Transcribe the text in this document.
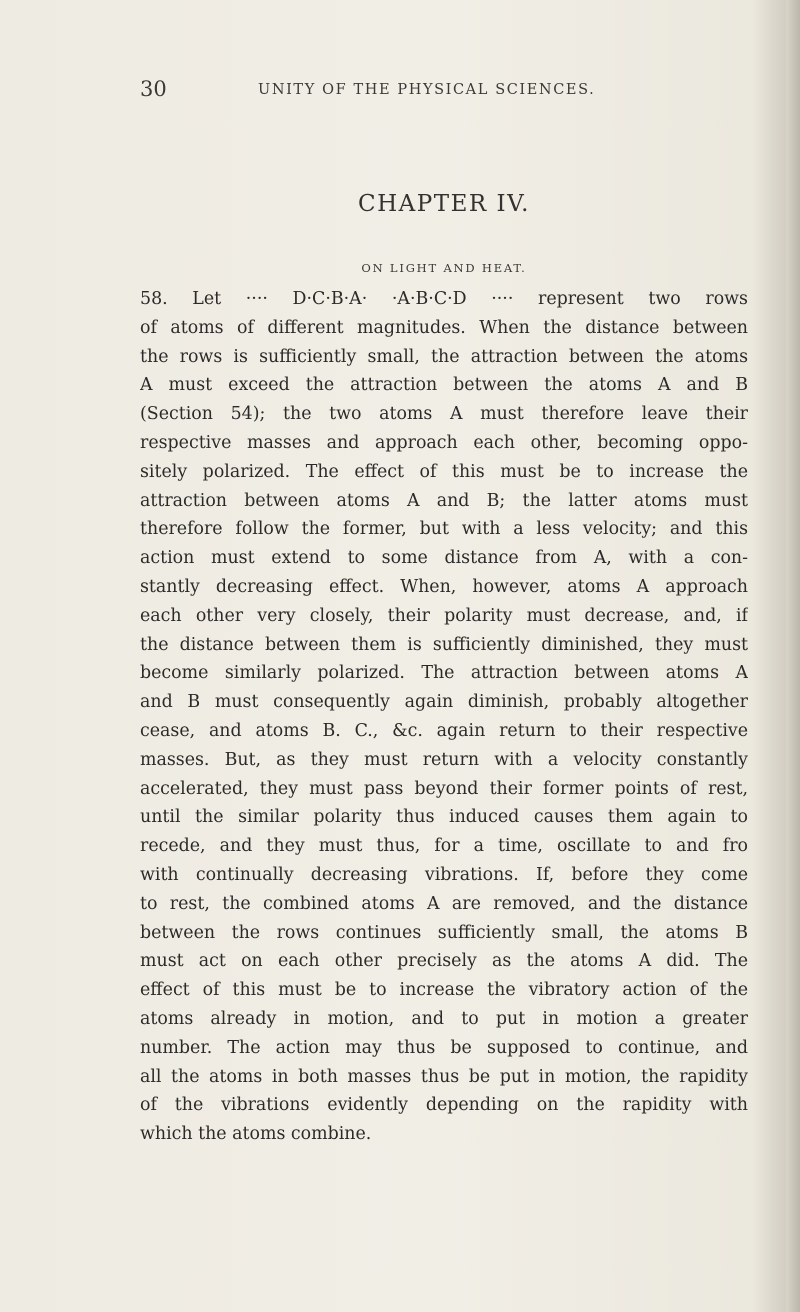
30	UNITY OF THE PHYSICAL SCIENCES.
CHAPTER IV.
ON LIGHT AND HEAT.
58. Let ···· D·C·B·A· ·A·B·C·D ···· represent two rows
of atoms of different magnitudes. When the distance between
the rows is sufficiently small, the attraction between the atoms
A must exceed the attraction between the atoms A and B
(Section 54); the two atoms A must therefore leave their
respective masses and approach each other, becoming oppo-
sitely polarized. The effect of this must be to increase the
attraction between atoms A and B; the latter atoms must
therefore follow the former, but with a less velocity; and this
action must extend to some distance from A, with a con-
stantly decreasing effect. When, however, atoms A approach
each other very closely, their polarity must decrease, and, if
the distance between them is sufficiently diminished, they must
become similarly polarized. The attraction between atoms A
and B must consequently again diminish, probably altogether
cease, and atoms B. C., &c. again return to their respective
masses. But, as they must return with a velocity constantly
accelerated, they must pass beyond their former points of rest,
until the similar polarity thus induced causes them again to
recede, and they must thus, for a time, oscillate to and fro
with continually decreasing vibrations. If, before they come
to rest, the combined atoms A are removed, and the distance
between the rows continues sufficiently small, the atoms B
must act on each other precisely as the atoms A did. The
effect of this must be to increase the vibratory action of the
atoms already in motion, and to put in motion a greater
number. The action may thus be supposed to continue, and
all the atoms in both masses thus be put in motion, the rapidity
of the vibrations evidently depending on the rapidity with
which the atoms combine.
